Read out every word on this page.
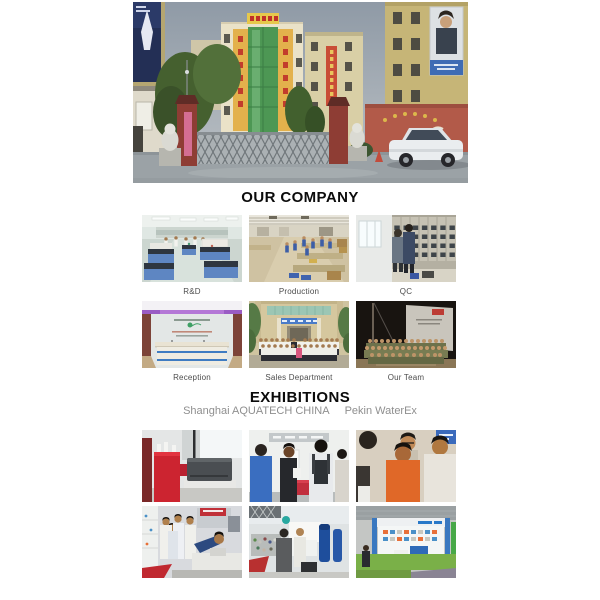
OUR COMPANY
R&D	Production	QC
Reception	Sales Department	Our Team
EXHIBITIONS
Shanghai AQUATECH CHINA Pekin WaterEx
